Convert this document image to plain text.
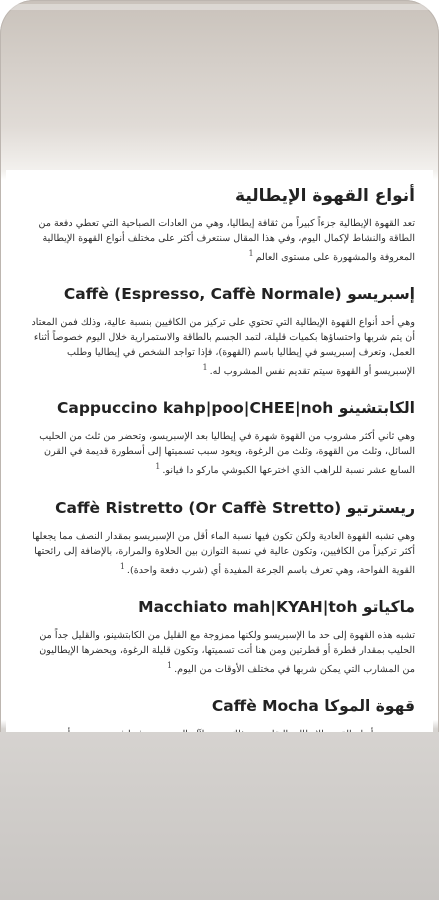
أنواع القهوة الإيطالية

تعد القهوة الإيطالية جزءاً كبيراً من ثقافة إيطاليا، وهي من العادات الصباحية التي تعطي دفعة من الطاقة والنشاط لإكمال اليوم، وفي هذا المقال سنتعرف أكثر على مختلف أنواع القهوة الإيطالية المعروفة والمشهورة على مستوى العالم$^1$

إسبريسو Caffè (Espresso, Caffè Normale)

وهي أحد أنواع القهوة الإيطالية التي تحتوي على تركيز من الكافيين بنسبة عالية، وذلك فمن المعتاد أن يتم شربها واحتساؤها بكميات قليلة، لتمد الجسم بالطاقة والاستمرارية خلال اليوم خصوصاً أثناء العمل، وتعرف إسبريسو في إيطاليا باسم (القهوة)، فإذا تواجد الشخص في إيطاليا وطلب الإسبريسو أو القهوة سيتم تقديم نفس المشروب له.$^1$

الكابتشينو Cappuccino kahp|poo|CHEE|noh

وهي ثاني أكثر مشروب من القهوة شهرة في إيطاليا بعد الإسبريسو، وتحضر من ثلث من الحليب السائل، وثلث من القهوة، وثلث من الرغوة، ويعود سبب تسميتها إلى أسطورة قديمة في القرن السابع عشر نسبة للراهب الذي اخترعها الكبوشي ماركو دا فيانو.$^1$

ريسترتيو Caffè Ristretto (Or Caffè Stretto)

وهي تشبه القهوة العادية ولكن تكون فيها نسبة الماء أقل من الإسبريسو بمقدار النصف مما يجعلها أكثر تركيزاً من الكافيين، وتكون عالية في نسبة التوازن بين الحلاوة والمرارة، بالإضافة إلى رائحتها القوية الفواحة، وهي تعرف باسم الجرعة المفيدة أي (شرب دفعة واحدة).$^1$

ماكياتو Macchiato mah|KYAH|toh

تشبه هذه القهوة إلى حد ما الإسبريسو ولكنها ممزوجة مع القليل من الكابتشينو، والقليل جداً من الحليب بمقدار قطرة أو قطرتين ومن هنا أتت تسميتها، وتكون قليلة الرغوة، ويحضرها الإيطاليون من المشارب التي يمكن شربها في مختلف الأوقات من اليوم.$^1$

قهوة الموكا Caffè Mocha
